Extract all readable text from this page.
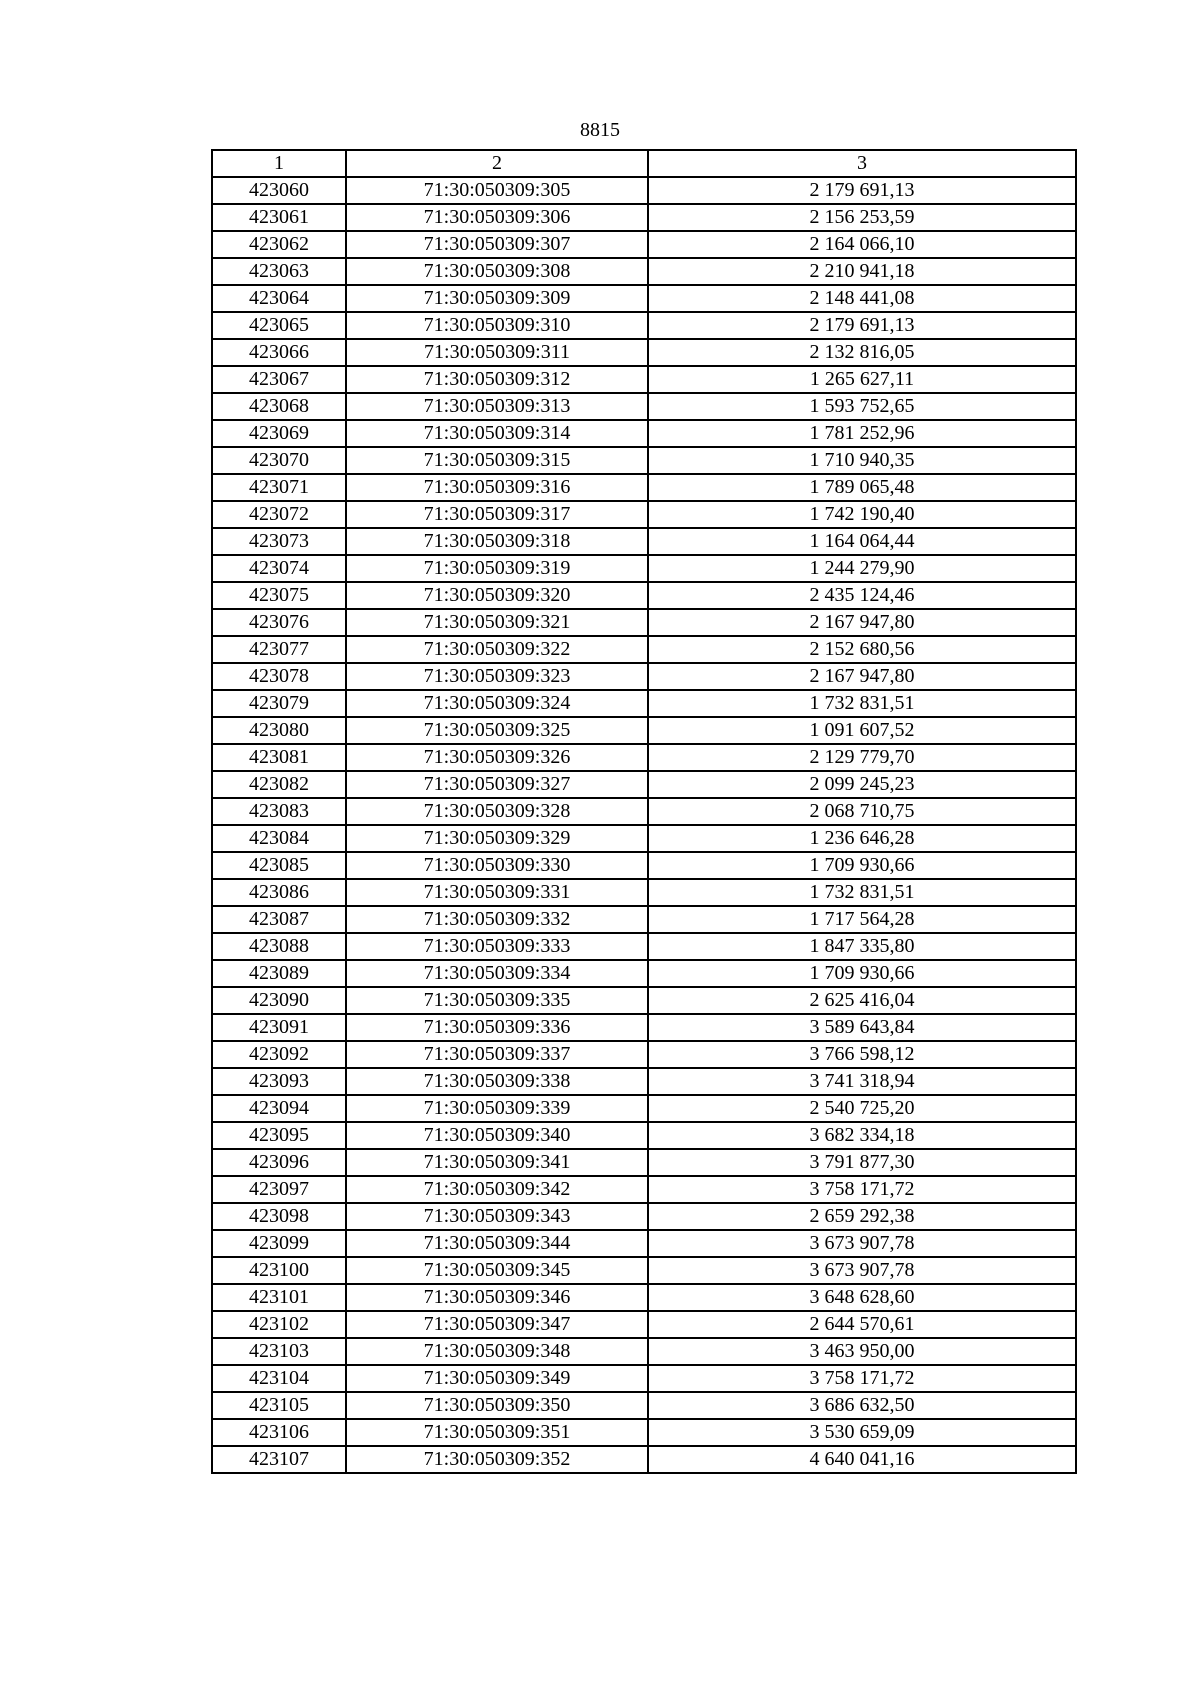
8815
1	2	3
423060	71:30:050309:305	2 179 691,13
423061	71:30:050309:306	2 156 253,59
423062	71:30:050309:307	2 164 066,10
423063	71:30:050309:308	2 210 941,18
423064	71:30:050309:309	2 148 441,08
423065	71:30:050309:310	2 179 691,13
423066	71:30:050309:311	2 132 816,05
423067	71:30:050309:312	1 265 627,11
423068	71:30:050309:313	1 593 752,65
423069	71:30:050309:314	1 781 252,96
423070	71:30:050309:315	1 710 940,35
423071	71:30:050309:316	1 789 065,48
423072	71:30:050309:317	1 742 190,40
423073	71:30:050309:318	1 164 064,44
423074	71:30:050309:319	1 244 279,90
423075	71:30:050309:320	2 435 124,46
423076	71:30:050309:321	2 167 947,80
423077	71:30:050309:322	2 152 680,56
423078	71:30:050309:323	2 167 947,80
423079	71:30:050309:324	1 732 831,51
423080	71:30:050309:325	1 091 607,52
423081	71:30:050309:326	2 129 779,70
423082	71:30:050309:327	2 099 245,23
423083	71:30:050309:328	2 068 710,75
423084	71:30:050309:329	1 236 646,28
423085	71:30:050309:330	1 709 930,66
423086	71:30:050309:331	1 732 831,51
423087	71:30:050309:332	1 717 564,28
423088	71:30:050309:333	1 847 335,80
423089	71:30:050309:334	1 709 930,66
423090	71:30:050309:335	2 625 416,04
423091	71:30:050309:336	3 589 643,84
423092	71:30:050309:337	3 766 598,12
423093	71:30:050309:338	3 741 318,94
423094	71:30:050309:339	2 540 725,20
423095	71:30:050309:340	3 682 334,18
423096	71:30:050309:341	3 791 877,30
423097	71:30:050309:342	3 758 171,72
423098	71:30:050309:343	2 659 292,38
423099	71:30:050309:344	3 673 907,78
423100	71:30:050309:345	3 673 907,78
423101	71:30:050309:346	3 648 628,60
423102	71:30:050309:347	2 644 570,61
423103	71:30:050309:348	3 463 950,00
423104	71:30:050309:349	3 758 171,72
423105	71:30:050309:350	3 686 632,50
423106	71:30:050309:351	3 530 659,09
423107	71:30:050309:352	4 640 041,16
